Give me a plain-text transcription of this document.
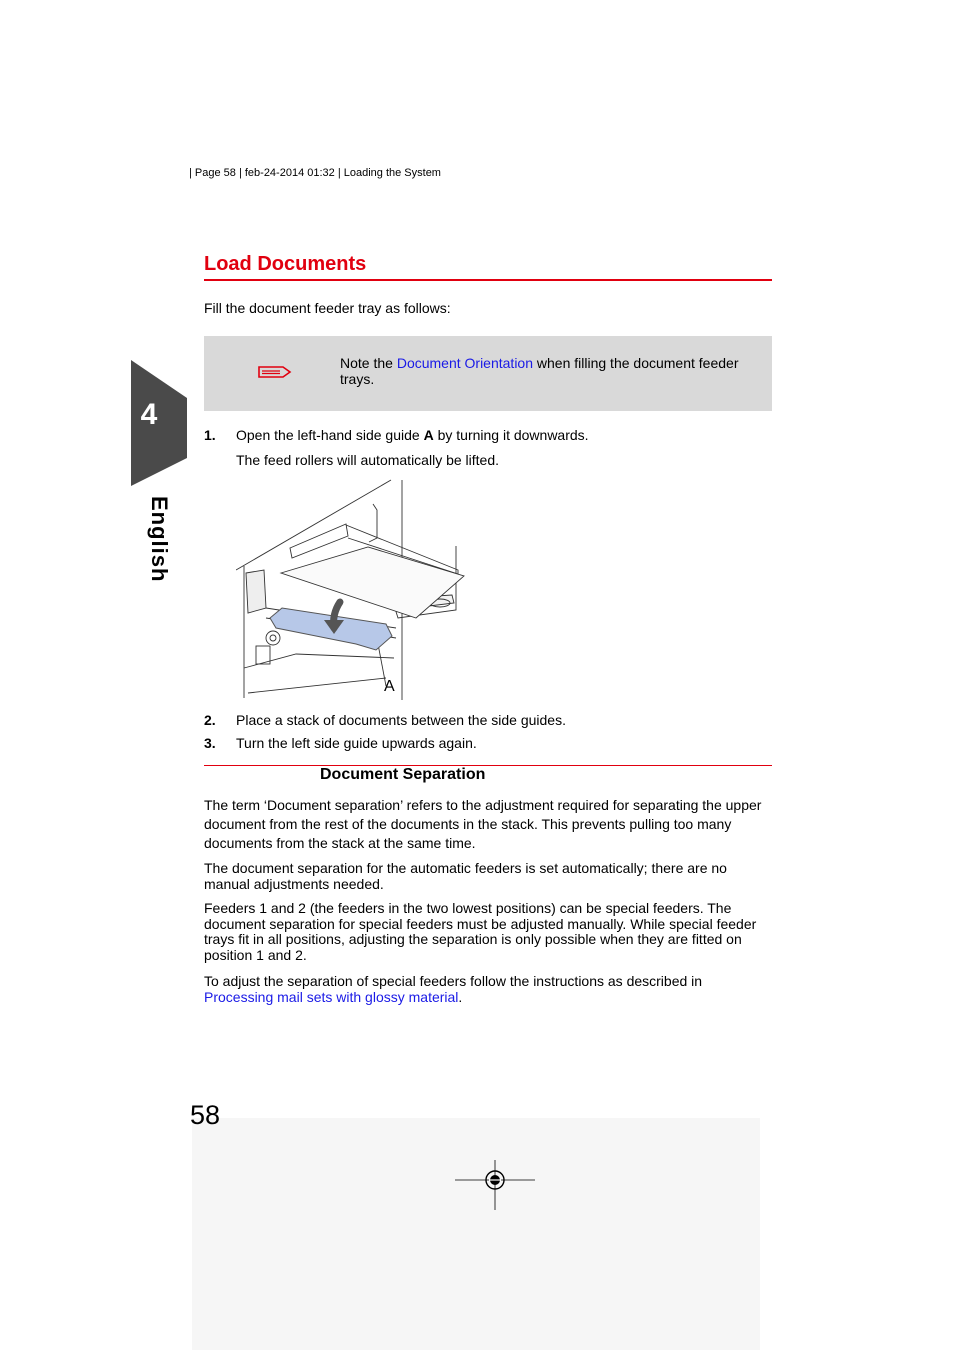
| Page 58 | feb-24-2014 01:32 | Loading the System
Load Documents
Fill the document feeder tray as follows:
Note the Document Orientation when filling the document feeder trays.
4
English
1. Open the left-hand side guide A by turning it downwards.
The feed rollers will automatically be lifted.
A
2. Place a stack of documents between the side guides.
3. Turn the left side guide upwards again.
Document Separation
The term ‘Document separation’ refers to the adjustment required for separating the upper document from the rest of the documents in the stack. This prevents pulling too many documents from the stack at the same time.
The document separation for the automatic feeders is set automatically; there are no manual adjustments needed.
Feeders 1 and 2 (the feeders in the two lowest positions) can be special feeders. The document separation for special feeders must be adjusted manually. While special feeder trays fit in all positions, adjusting the separation is only possible when they are fitted on position 1 and 2.
To adjust the separation of special feeders follow the instructions as described in Processing mail sets with glossy material.
58
